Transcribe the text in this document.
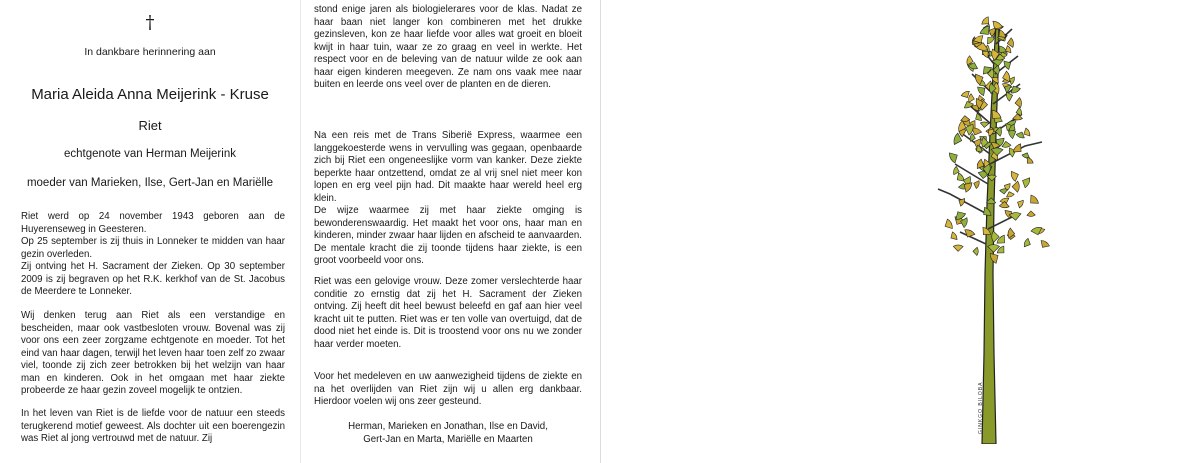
†
In dankbare herinnering aan
Maria Aleida Anna Meijerink - Kruse
Riet
echtgenote van Herman Meijerink
moeder van Marieken, Ilse, Gert-Jan en Mariëlle

Riet werd op 24 november 1943 geboren aan de Huyerenseweg in Geesteren.

Op 25 september is zij thuis in Lonneker te midden van haar gezin overleden.

Zij ontving het H. Sacrament der Zieken. Op 30 september 2009 is zij begraven op het R.K. kerkhof van de St. Jacobus de Meerdere te Lonneker.

Wij denken terug aan Riet als een verstandige en bescheiden, maar ook vastbesloten vrouw. Bovenal was zij voor ons een zeer zorgzame echtgenote en moeder. Tot het eind van haar dagen, terwijl het leven haar toen zelf zo zwaar viel, toonde zij zich zeer betrokken bij het welzijn van haar man en kinderen. Ook in het omgaan met haar ziekte probeerde ze haar gezin zoveel mogelijk te ontzien.

In het leven van Riet is de liefde voor de natuur een steeds terugkerend motief geweest. Als dochter uit een boerengezin was Riet al jong vertrouwd met de natuur. Zij

stond enige jaren als biologielerares voor de klas. Nadat ze haar baan niet langer kon combineren met het drukke gezinsleven, kon ze haar liefde voor alles wat groeit en bloeit kwijt in haar tuin, waar ze zo graag en veel in werkte. Het respect voor en de beleving van de natuur wilde ze ook aan haar eigen kinderen meegeven. Ze nam ons vaak mee naar buiten en leerde ons veel over de planten en de dieren.

Na een reis met de Trans Siberië Express, waarmee een langgekoesterde wens in vervulling was gegaan, openbaarde zich bij Riet een ongeneeslijke vorm van kanker. Deze ziekte beperkte haar ontzettend, omdat ze al vrij snel niet meer kon lopen en erg veel pijn had. Dit maakte haar wereld heel erg klein.

De wijze waarmee zij met haar ziekte omging is bewonderenswaardig. Het maakt het voor ons, haar man en kinderen, minder zwaar haar lijden en afscheid te aanvaarden. De mentale kracht die zij toonde tijdens haar ziekte, is een groot voorbeeld voor ons.

Riet was een gelovige vrouw. Deze zomer verslechterde haar conditie zo ernstig dat zij het H. Sacrament der Zieken ontving. Zij heeft dit heel bewust beleefd en gaf aan hier veel kracht uit te putten. Riet was er ten volle van overtuigd, dat de dood niet het einde is. Dit is troostend voor ons nu we zonder haar verder moeten.

Voor het medeleven en uw aanwezigheid tijdens de ziekte en na het overlijden van Riet zijn wij u allen erg dankbaar. Hierdoor voelen wij ons zeer gesteund.

Herman, Marieken en Jonathan, Ilse en David,
Gert-Jan en Marta, Mariëlle en Maarten
GINKGO BILOBA
